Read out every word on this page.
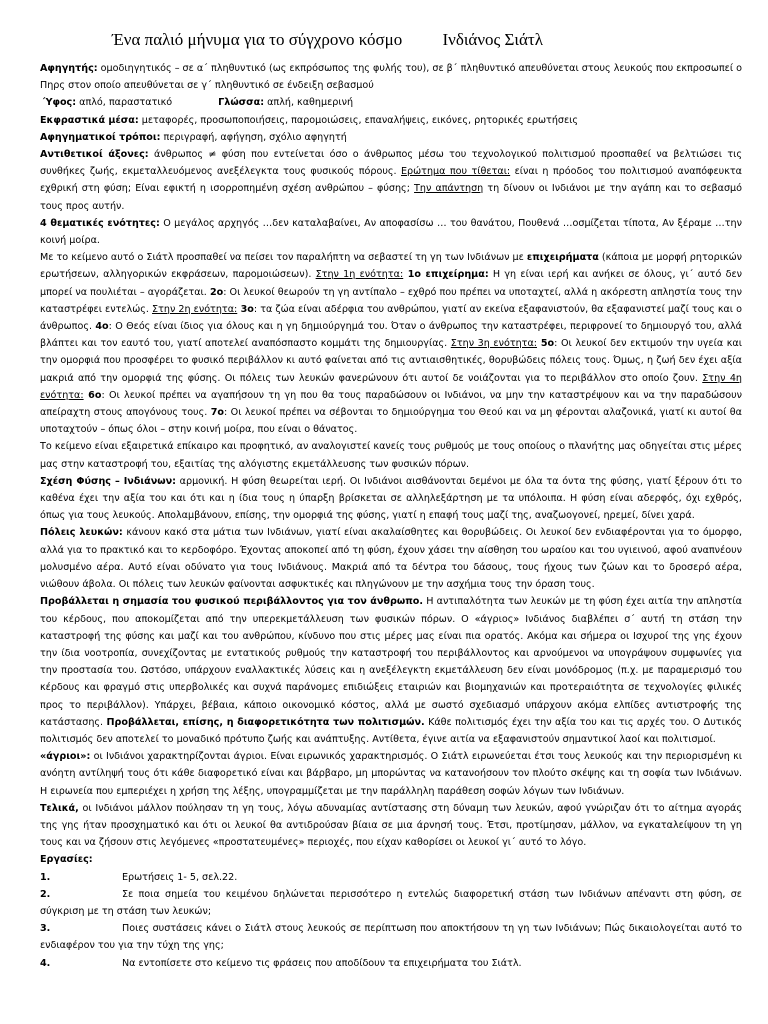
Ένα παλιό μήνυμα για το σύγχρονο κόσμο Ινδιάνος Σιάτλ

Αφηγητής: ομοδιηγητικός – σε α΄ πληθυντικό (ως εκπρόσωπος της φυλής του), σε β΄ πληθυντικό απευθύνεται στους λευκούς που εκπροσωπεί ο Πηρς στον οποίο απευθύνεται σε γ΄ πληθυντικό σε ένδειξη σεβασμού

Ύφος: απλό, παραστατικό	Γλώσσα: απλή, καθημερινή

Εκφραστικά μέσα: μεταφορές, προσωποποιήσεις, παρομοιώσεις, επαναλήψεις, εικόνες, ρητορικές ερωτήσεις

Αφηγηματικοί τρόποι: περιγραφή, αφήγηση, σχόλιο αφηγητή

Αντιθετικοί άξονες: άνθρωπος ≠ φύση που εντείνεται όσο ο άνθρωπος μέσω του τεχνολογικού πολιτισμού προσπαθεί να βελτιώσει τις συνθήκες ζωής, εκμεταλλευόμενος ανεξέλεγκτα τους φυσικούς πόρους. Ερώτημα που τίθεται: είναι η πρόοδος του πολιτισμού αναπόφευκτα εχθρική στη φύση; Είναι εφικτή η ισορροπημένη σχέση ανθρώπου – φύσης; Την απάντηση τη δίνουν οι Ινδιάνοι με την αγάπη και το σεβασμό τους προς αυτήν.

4 θεματικές ενότητες: Ο μεγάλος αρχηγός …δεν καταλαβαίνει, Αν αποφασίσω … του θανάτου, Πουθενά …οσμίζεται τίποτα, Αν ξέραμε …την κοινή μοίρα.

Με το κείμενο αυτό ο Σιάτλ προσπαθεί να πείσει τον παραλήπτη να σεβαστεί τη γη των Ινδιάνων με επιχειρήματα (κάποια με μορφή ρητορικών ερωτήσεων, αλληγορικών εκφράσεων, παρομοιώσεων). Στην 1η ενότητα: 1ο επιχείρημα: Η γη είναι ιερή και ανήκει σε όλους, γι΄ αυτό δεν μπορεί να πουλιέται – αγοράζεται. 2ο: Οι λευκοί θεωρούν τη γη αντίπαλο – εχθρό που πρέπει να υποταχτεί, αλλά η ακόρεστη απληστία τους την καταστρέφει εντελώς. Στην 2η ενότητα: 3ο: τα ζώα είναι αδέρφια του ανθρώπου, γιατί αν εκείνα εξαφανιστούν, θα εξαφανιστεί μαζί τους και ο άνθρωπος. 4ο: Ο Θεός είναι ίδιος για όλους και η γη δημιούργημά του. Όταν ο άνθρωπος την καταστρέφει, περιφρονεί το δημιουργό του, αλλά βλάπτει και τον εαυτό του, γιατί αποτελεί αναπόσπαστο κομμάτι της δημιουργίας. Στην 3η ενότητα: 5ο: Οι λευκοί δεν εκτιμούν την υγεία και την ομορφιά που προσφέρει το φυσικό περιβάλλον κι αυτό φαίνεται από τις αντιαισθητικές, θορυβώδεις πόλεις τους. Όμως, η ζωή δεν έχει αξία μακριά από την ομορφιά της φύσης. Οι πόλεις των λευκών φανερώνουν ότι αυτοί δε νοιάζονται για το περιβάλλον στο οποίο ζουν. Στην 4η ενότητα: 6ο: Οι λευκοί πρέπει να αγαπήσουν τη γη που θα τους παραδώσουν οι Ινδιάνοι, να μην την καταστρέψουν και να την παραδώσουν απείραχτη στους απογόνους τους. 7ο: Οι λευκοί πρέπει να σέβονται το δημιούργημα του Θεού και να μη φέρονται αλαζονικά, γιατί κι αυτοί θα υποταχτούν – όπως όλοι – στην κοινή μοίρα, που είναι ο θάνατος.

Το κείμενο είναι εξαιρετικά επίκαιρο και προφητικό, αν αναλογιστεί κανείς τους ρυθμούς με τους οποίους ο πλανήτης μας οδηγείται στις μέρες μας στην καταστροφή του, εξαιτίας της αλόγιστης εκμετάλλευσης των φυσικών πόρων.

Σχέση Φύσης – Ινδιάνων: αρμονική. Η φύση θεωρείται ιερή. Οι Ινδιάνοι αισθάνονται δεμένοι με όλα τα όντα της φύσης, γιατί ξέρουν ότι το καθένα έχει την αξία του και ότι και η ίδια τους η ύπαρξη βρίσκεται σε αλληλεξάρτηση με τα υπόλοιπα. Η φύση είναι αδερφός, όχι εχθρός, όπως για τους λευκούς. Απολαμβάνουν, επίσης, την ομορφιά της φύσης, γιατί η επαφή τους μαζί της, αναζωογονεί, ηρεμεί, δίνει χαρά.

Πόλεις λευκών: κάνουν κακό στα μάτια των Ινδιάνων, γιατί είναι ακαλαίσθητες και θορυβώδεις. Οι λευκοί δεν ενδιαφέρονται για το όμορφο, αλλά για το πρακτικό και το κερδοφόρο. Έχοντας αποκοπεί από τη φύση, έχουν χάσει την αίσθηση του ωραίου και του υγιεινού, αφού αναπνέουν μολυσμένο αέρα. Αυτό είναι οδύνατο για τους Ινδιάνους. Μακριά από τα δέντρα του δάσους, τους ήχους των ζώων και το δροσερό αέρα, νιώθουν άβολα. Οι πόλεις των λευκών φαίνονται ασφυκτικές και πληγώνουν με την ασχήμια τους την όραση τους.

Προβάλλεται η σημασία του φυσικού περιβάλλοντος για τον άνθρωπο. Η αντιπαλότητα των λευκών με τη φύση έχει αιτία την απληστία του κέρδους, που αποκομίζεται από την υπερεκμετάλλευση των φυσικών πόρων. Ο «άγριος» Ινδιάνος διαβλέπει σ΄ αυτή τη στάση την καταστροφή της φύσης και μαζί και του ανθρώπου, κίνδυνο που στις μέρες μας είναι πια ορατός. Ακόμα και σήμερα οι Ισχυροί της γης έχουν την ίδια νοοτροπία, συνεχίζοντας με εντατικούς ρυθμούς την καταστροφή του περιβάλλοντος και αρνούμενοι να υπογράψουν συμφωνίες για την προστασία του. Ωστόσο, υπάρχουν εναλλακτικές λύσεις και η ανεξέλεγκτη εκμετάλλευση δεν είναι μονόδρομος (π.χ. με παραμερισμό του κέρδους και φραγμό στις υπερβολικές και συχνά παράνομες επιδιώξεις εταιριών και βιομηχανιών και προτεραιότητα σε τεχνολογίες φιλικές προς το περιβάλλον). Υπάρχει, βέβαια, κάποιο οικονομικό κόστος, αλλά με σωστό σχεδιασμό υπάρχουν ακόμα ελπίδες αντιστροφής της κατάστασης. Προβάλλεται, επίσης, η διαφορετικότητα των πολιτισμών. Κάθε πολιτισμός έχει την αξία του και τις αρχές του. Ο Δυτικός πολιτισμός δεν αποτελεί το μοναδικό πρότυπο ζωής και ανάπτυξης. Αντίθετα, έγινε αιτία να εξαφανιστούν σημαντικοί λαοί και πολιτισμοί.

«άγριοι»: οι Ινδιάνοι χαρακτηρίζονται άγριοι. Είναι ειρωνικός χαρακτηρισμός. Ο Σιάτλ ειρωνεύεται έτσι τους λευκούς και την περιορισμένη κι ανόητη αντίληψή τους ότι κάθε διαφορετικό είναι και βάρβαρο, μη μπορώντας να κατανοήσουν τον πλούτο σκέψης και τη σοφία των Ινδιάνων. Η ειρωνεία που εμπεριέχει η χρήση της λέξης, υπογραμμίζεται με την παράλληλη παράθεση σοφών λόγων των Ινδιάνων.

Τελικά, οι Ινδιάνοι μάλλον πούλησαν τη γη τους, λόγω αδυναμίας αντίστασης στη δύναμη των λευκών, αφού γνώριζαν ότι το αίτημα αγοράς της γης ήταν προσχηματικό και ότι οι λευκοί θα αντιδρούσαν βίαια σε μια άρνησή τους. Έτσι, προτίμησαν, μάλλον, να εγκαταλείψουν τη γη τους και να ζήσουν στις λεγόμενες «προστατευμένες» περιοχές, που είχαν καθορίσει οι λευκοί γι΄ αυτό το λόγο.

Εργασίες:

1.	Ερωτήσεις 1- 5, σελ.22.

2.	Σε ποια σημεία του κειμένου δηλώνεται περισσότερο η εντελώς διαφορετική στάση των Ινδιάνων απέναντι στη φύση, σε σύγκριση με τη στάση των λευκών;

3.	Ποιες συστάσεις κάνει ο Σιάτλ στους λευκούς σε περίπτωση που αποκτήσουν τη γη των Ινδιάνων; Πώς δικαιολογείται αυτό το ενδιαφέρον του για την τύχη της γης;

4.	Να εντοπίσετε στο κείμενο τις φράσεις που αποδίδουν τα επιχειρήματα του Σιάτλ.
